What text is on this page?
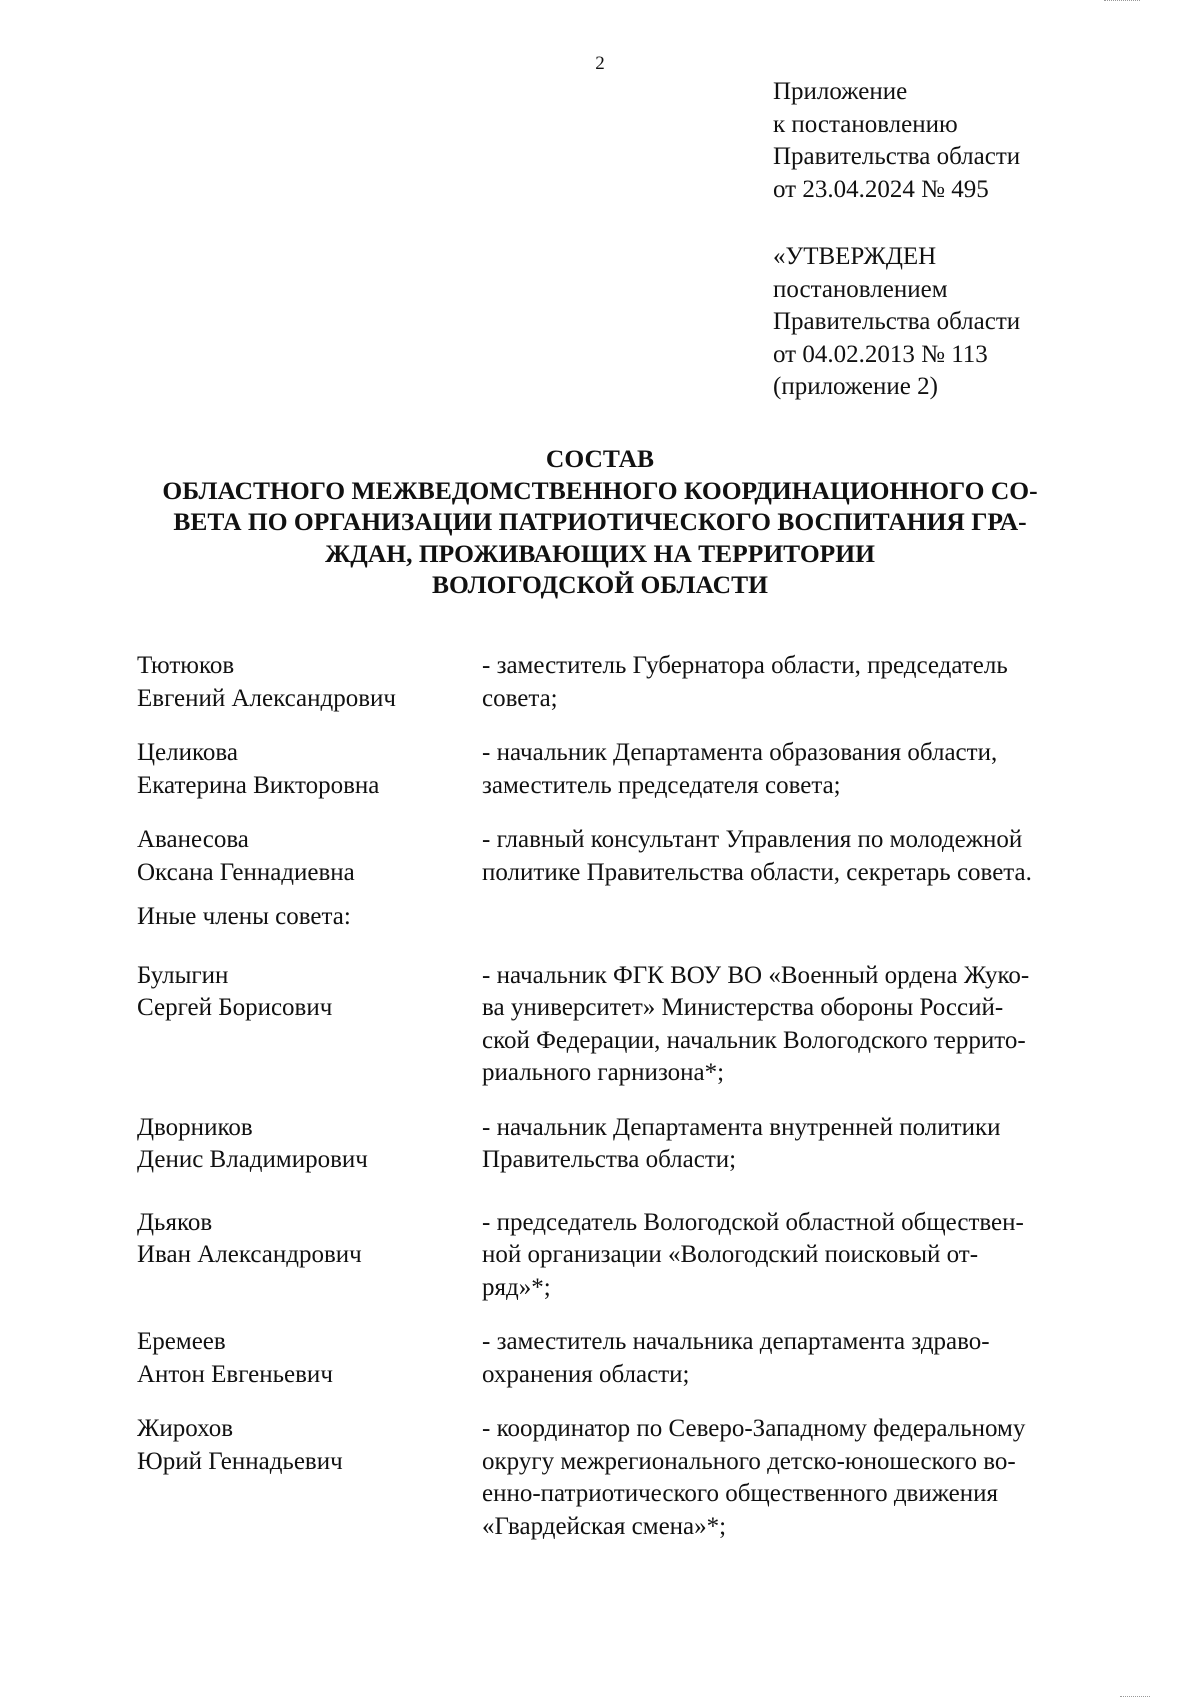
2
Приложение
к постановлению
Правительства области
от 23.04.2024 № 495
«УТВЕРЖДЕН
постановлением
Правительства области
от 04.02.2013 № 113
(приложение 2)
СОСТАВ
ОБЛАСТНОГО МЕЖВЕДОМСТВЕННОГО КООРДИНАЦИОННОГО СО-
ВЕТА ПО ОРГАНИЗАЦИИ ПАТРИОТИЧЕСКОГО ВОСПИТАНИЯ ГРА-
ЖДАН, ПРОЖИВАЮЩИХ НА ТЕРРИТОРИИ
ВОЛОГОДСКОЙ ОБЛАСТИ
Тютюков
Евгений Александрович
- заместитель Губернатора области, председатель
совета;
Целикова
Екатерина Викторовна
- начальник Департамента образования области,
заместитель председателя совета;
Аванесова
Оксана Геннадиевна
- главный консультант Управления по молодежной
политике Правительства области, секретарь совета.
Иные члены совета:
Булыгин
Сергей Борисович
- начальник ФГК ВОУ ВО «Военный ордена Жуко-
ва университет» Министерства обороны Россий-
ской Федерации, начальник Вологодского террито-
риального гарнизона*;
Дворников
Денис Владимирович
- начальник Департамента внутренней политики
Правительства области;
Дьяков
Иван Александрович
- председатель Вологодской областной обществен-
ной организации «Вологодский поисковый от-
ряд»*;
Еремеев
Антон Евгеньевич
- заместитель начальника департамента здраво-
охранения области;
Жирохов
Юрий Геннадьевич
- координатор по Северо-Западному федеральному
округу межрегионального детско-юношеского во-
енно-патриотического общественного движения
«Гвардейская смена»*;
